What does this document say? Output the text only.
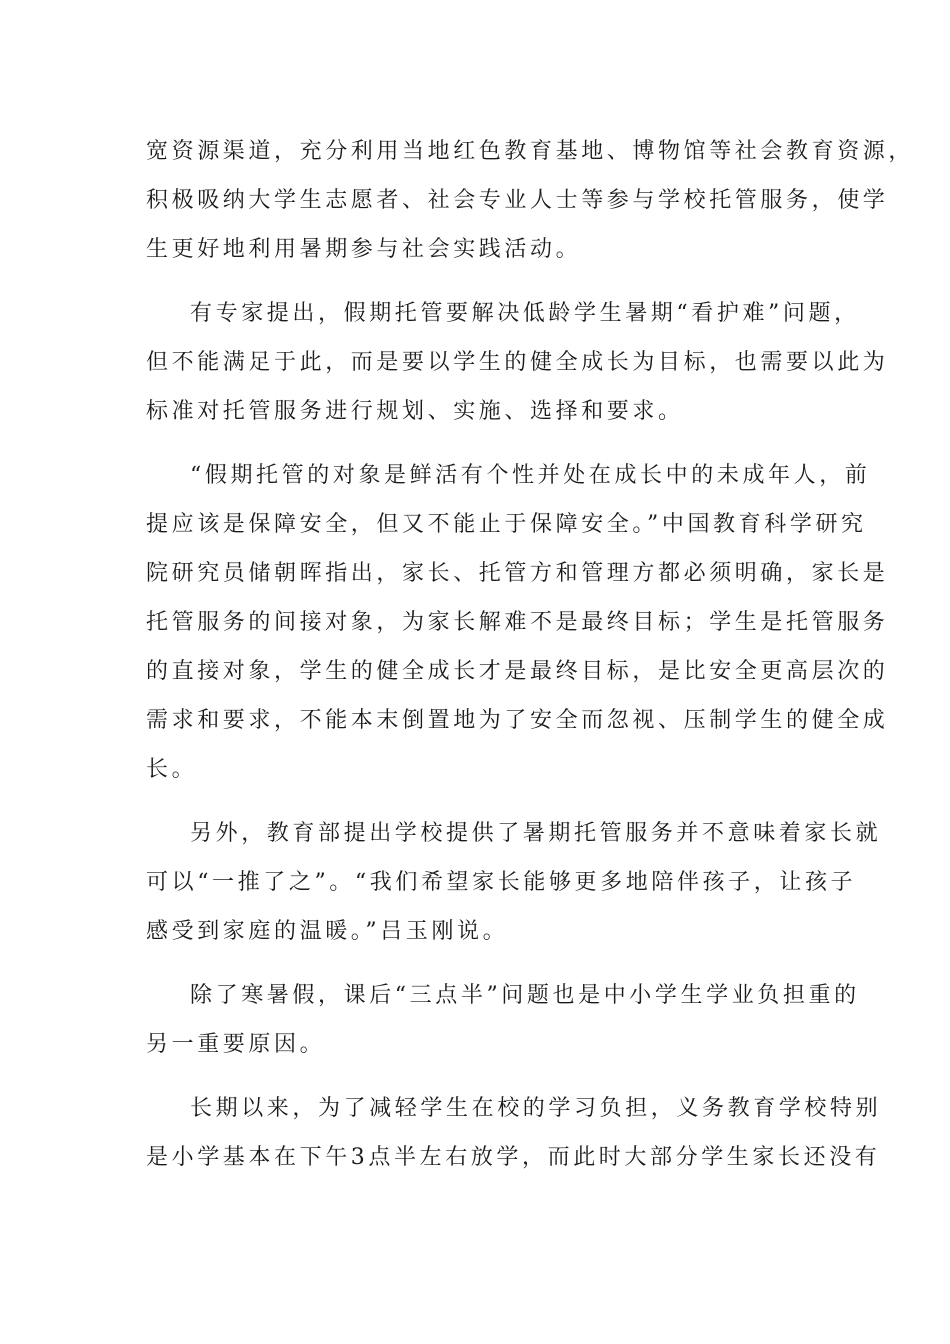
宽资源渠道，充分利用当地红色教育基地、博物馆等社会教育资源，
积极吸纳大学生志愿者、社会专业人士等参与学校托管服务，使学
生更好地利用暑期参与社会实践活动。
有专家提出，假期托管要解决低龄学生暑期“看护难”问题，
但不能满足于此，而是要以学生的健全成长为目标，也需要以此为
标准对托管服务进行规划、实施、选择和要求。
“假期托管的对象是鲜活有个性并处在成长中的未成年人，前
提应该是保障安全，但又不能止于保障安全。”中国教育科学研究
院研究员储朝晖指出，家长、托管方和管理方都必须明确，家长是
托管服务的间接对象，为家长解难不是最终目标；学生是托管服务
的直接对象，学生的健全成长才是最终目标，是比安全更高层次的
需求和要求，不能本末倒置地为了安全而忽视、压制学生的健全成
长。
另外，教育部提出学校提供了暑期托管服务并不意味着家长就
可以“一推了之”。“我们希望家长能够更多地陪伴孩子，让孩子
感受到家庭的温暖。”吕玉刚说。
除了寒暑假，课后“三点半”问题也是中小学生学业负担重的
另一重要原因。
长期以来，为了减轻学生在校的学习负担，义务教育学校特别
是小学基本在下午3点半左右放学，而此时大部分学生家长还没有
